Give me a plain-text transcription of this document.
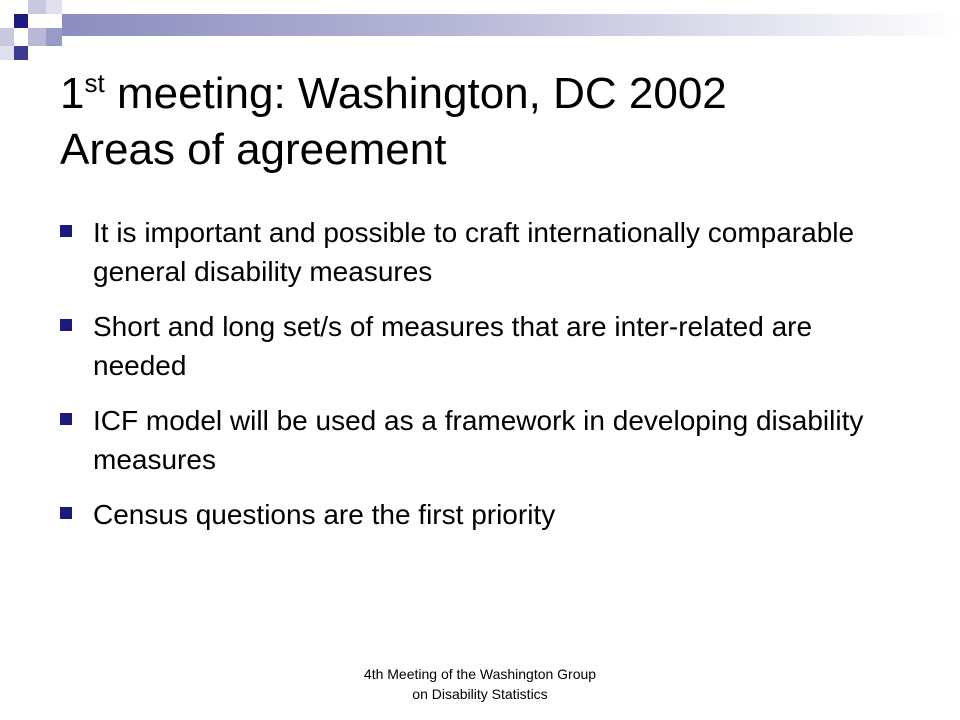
1st meeting: Washington, DC 2002
Areas of agreement
It is important and possible to craft internationally comparable general disability measures
Short and long set/s of measures that are inter-related are needed
ICF model will be used as a framework in developing disability measures
Census questions are the first priority
4th Meeting of the Washington Group
on Disability Statistics
